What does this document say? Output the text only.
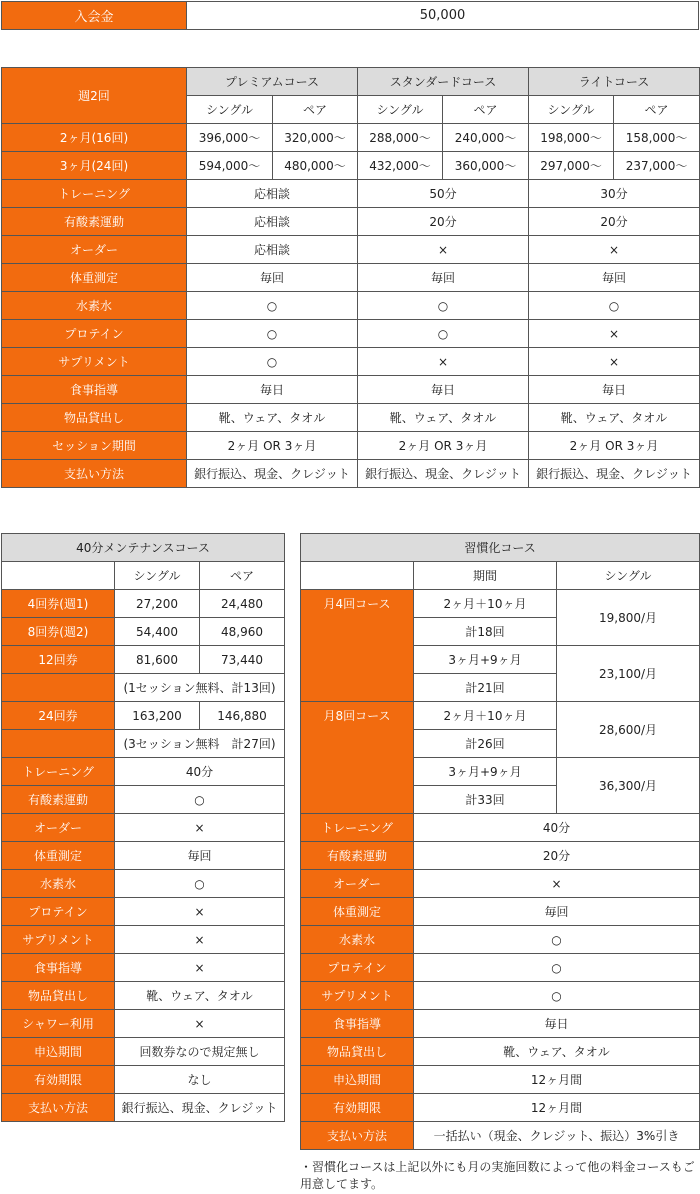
入会金	50,000
週2回	プレミアムコース		スタンダードコース		ライトコース	
	シングル	ペア	シングル	ペア	シングル	ペア
2ヶ月(16回)	396,000〜	320,000〜	288,000〜	240,000〜	198,000〜	158,000〜
3ヶ月(24回)	594,000〜	480,000〜	432,000〜	360,000〜	297,000〜	237,000〜
トレーニング	応相談		50分		30分	
有酸素運動	応相談		20分		20分	
オーダー	応相談		×		×	
体重測定	毎回		毎回		毎回	
水素水	○		○		○	
プロテイン	○		○		×	
サプリメント	○		×		×	
食事指導	毎日		毎日		毎日	
物品貸出し	靴、ウェア、タオル		靴、ウェア、タオル		靴、ウェア、タオル	
セッション期間	2ヶ月 OR 3ヶ月		2ヶ月 OR 3ヶ月		2ヶ月 OR 3ヶ月	
支払い方法	銀行振込、現金、クレジット		銀行振込、現金、クレジット		銀行振込、現金、クレジット	
40分メンテナンスコース		
	シングル	ペア
4回券(週1)	27,200	24,480
8回券(週2)	54,400	48,960
12回券	81,600	73,440
	(1セッション無料、計13回)	
24回券	163,200	146,880
	(3セッション無料　計27回)	
トレーニング	40分	
有酸素運動	○	
オーダー	×	
体重測定	毎回	
水素水	○	
プロテイン	×	
サプリメント	×	
食事指導	×	
物品貸出し	靴、ウェア、タオル	
シャワー利用	×	
申込期間	回数券なので規定無し	
有効期限	なし	
支払い方法	銀行振込、現金、クレジット	
習慣化コース		
	期間	シングル
月4回コース	2ヶ月＋10ヶ月	19,800/月
	計18回	
	3ヶ月+9ヶ月	23,100/月
	計21回	
月8回コース	2ヶ月＋10ヶ月	28,600/月
	計26回	
	3ヶ月+9ヶ月	36,300/月
	計33回	
トレーニング	40分	
有酸素運動	20分	
オーダー	×	
体重測定	毎回	
水素水	○	
プロテイン	○	
サプリメント	○	
食事指導	毎日	
物品貸出し	靴、ウェア、タオル	
申込期間	12ヶ月間	
有効期限	12ヶ月間	
支払い方法	一括払い（現金、クレジット、振込）3%引き	
・習慣化コースは上記以外にも月の実施回数によって他の料金コースもご用意してます。
